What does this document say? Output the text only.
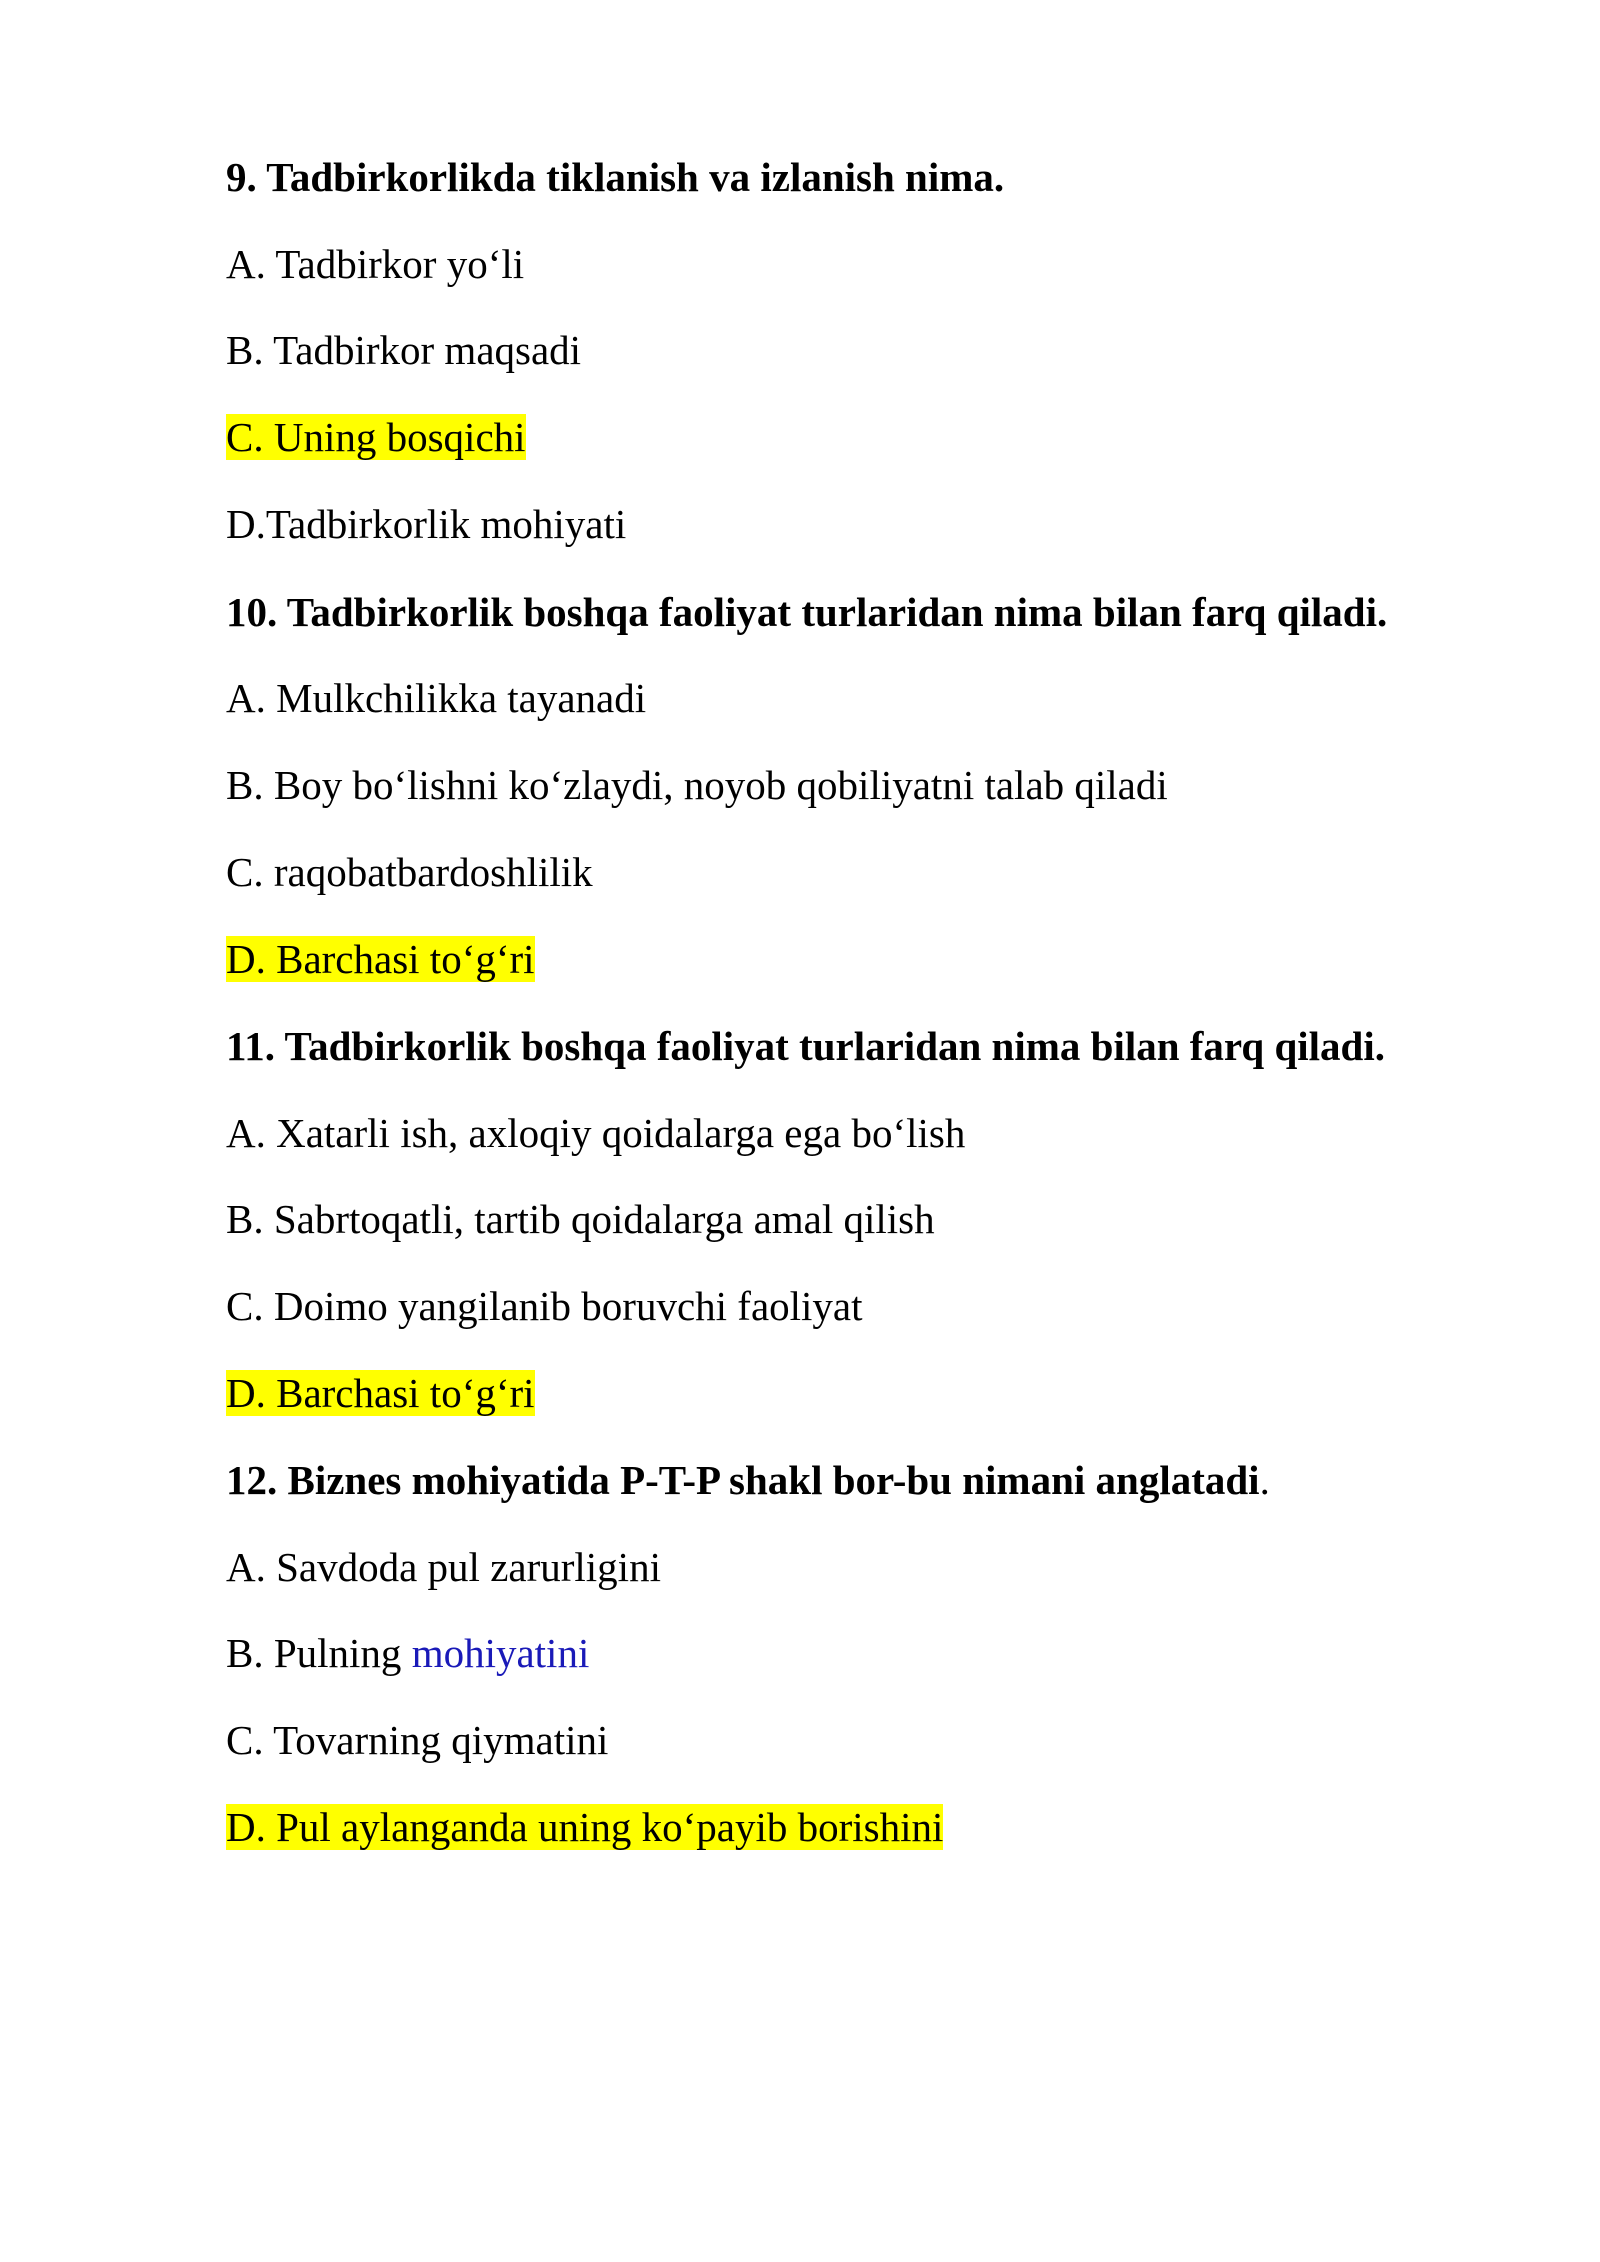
9. Tadbirkorlikda tiklanish va izlanish nima.
A. Tadbirkor yo‘li
B. Tadbirkor maqsadi
C. Uning bosqichi
D.Tadbirkorlik mohiyati
10. Tadbirkorlik boshqa faoliyat turlaridan nima bilan farq qiladi.
A. Mulkchilikka tayanadi
B. Boy bo‘lishni ko‘zlaydi, noyob qobiliyatni talab qiladi
C. raqobatbardoshlilik
D. Barchasi to‘g‘ri
11. Tadbirkorlik boshqa faoliyat turlaridan nima bilan farq qiladi.
A. Xatarli ish, axloqiy qoidalarga ega bo‘lish
B. Sabrtoqatli, tartib qoidalarga amal qilish
C. Doimo yangilanib boruvchi faoliyat
D. Barchasi to‘g‘ri
12. Biznes mohiyatida P-T-P shakl bor-bu nimani anglatadi.
A. Savdoda pul zarurligini
B. Pulning mohiyatini
C. Tovarning qiymatini
D. Pul aylanganda uning ko‘payib borishini
